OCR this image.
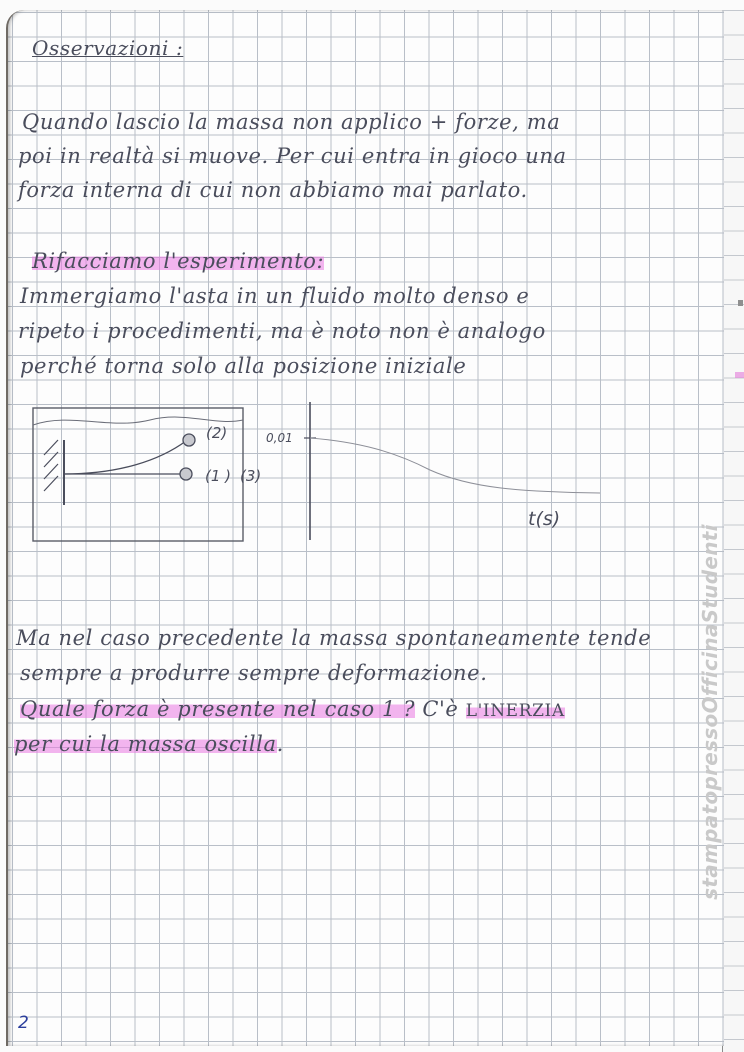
Osservazioni :

Quando lascio la massa non applico + forze, ma

poi in realtà si muove. Per cui entra in gioco una

forza interna di cui non abbiamo mai parlato.

Rifacciamo l'esperimento:

Immergiamo l'asta in un fluido molto denso e

ripeto i procedimenti, ma è noto non è analogo

perché torna solo alla posizione iniziale

(2)
(1 ) (3)
0,01
t(s)

Ma nel caso precedente la massa spontaneamente tende

sempre a produrre sempre deformazione.

Quale forza è presente nel caso 1 ? C'è L'INERZIA

per cui la massa oscilla.	stampatopressoOfficinaStudenti
2
